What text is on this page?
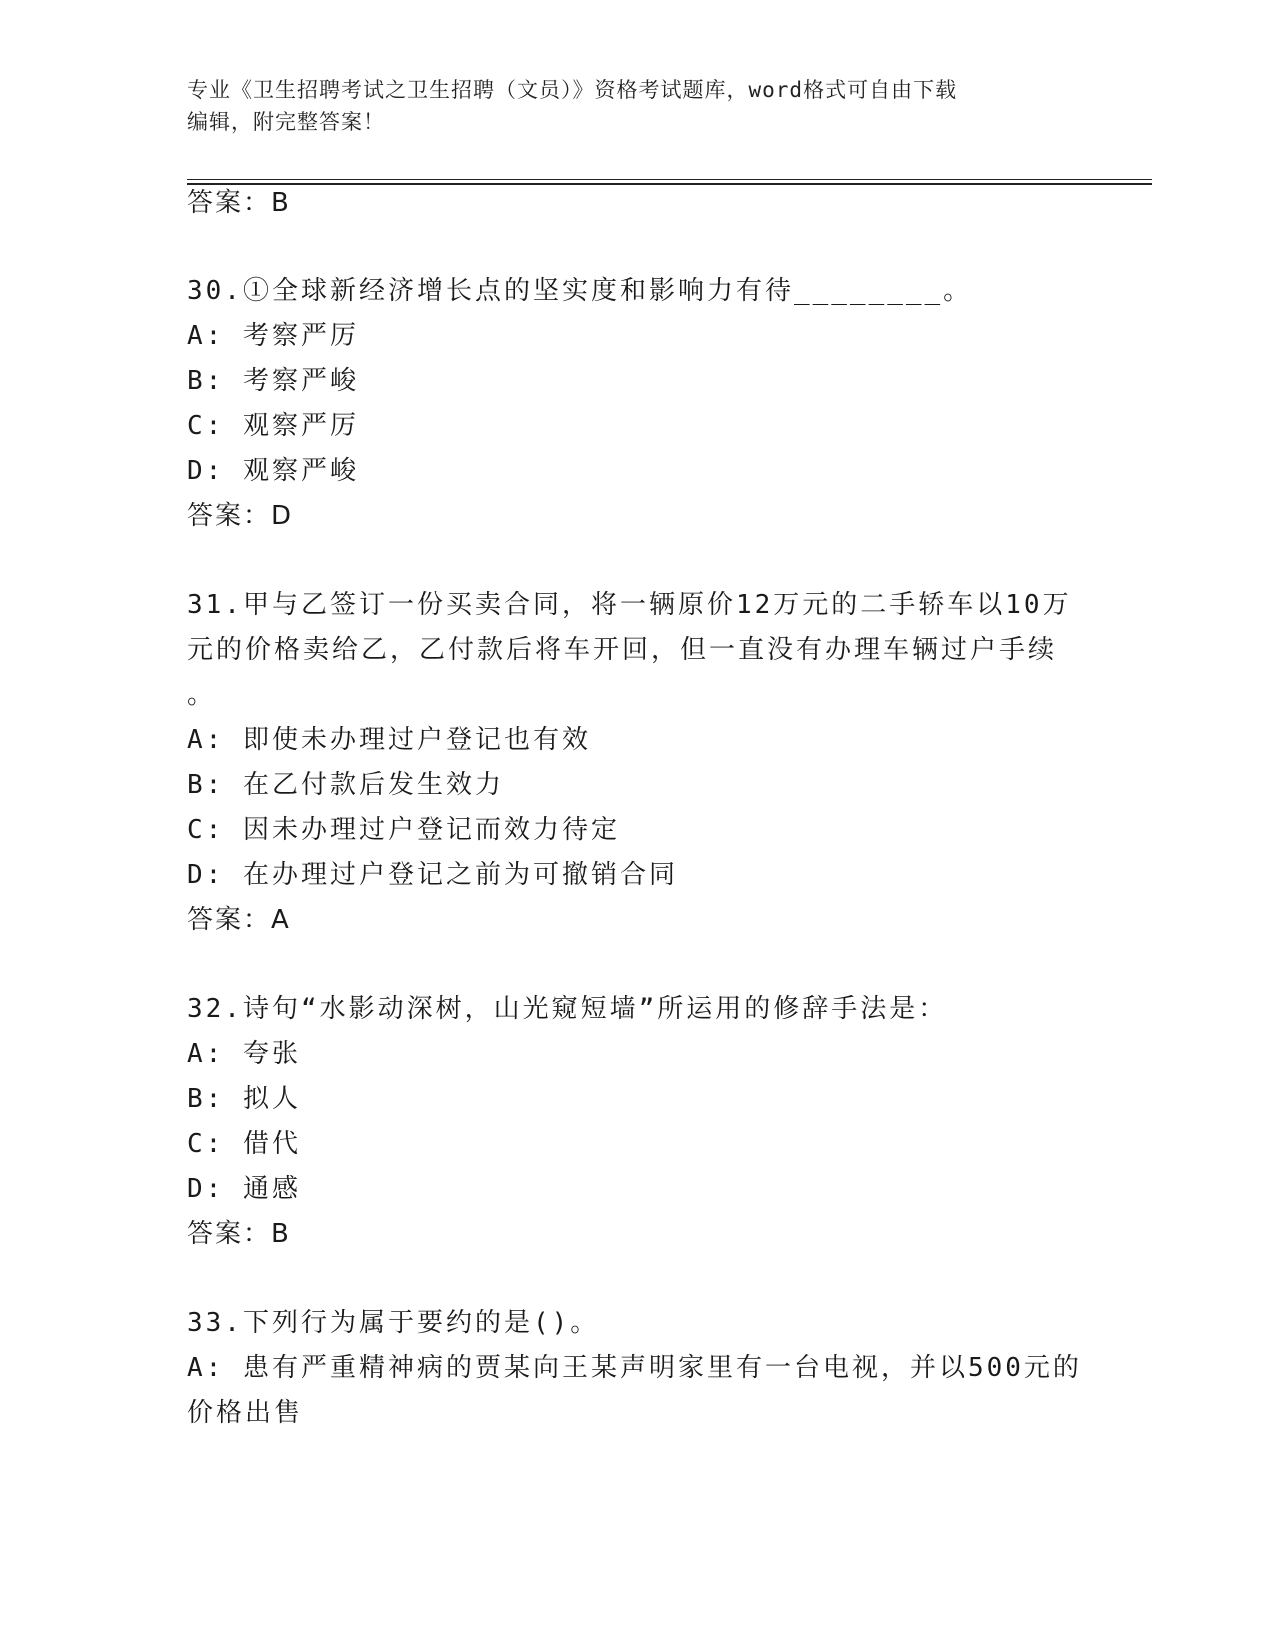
专业《卫生招聘考试之卫生招聘（文员）》资格考试题库，word格式可自由下载
编辑，附完整答案！
答案：B
30.①全球新经济增长点的坚实度和影响力有待________。
A: 考察严厉
B: 考察严峻
C: 观察严厉
D: 观察严峻
答案：D
31.甲与乙签订一份买卖合同，将一辆原价12万元的二手轿车以10万
元的价格卖给乙，乙付款后将车开回，但一直没有办理车辆过户手续
。
A: 即使未办理过户登记也有效
B: 在乙付款后发生效力
C: 因未办理过户登记而效力待定
D: 在办理过户登记之前为可撤销合同
答案：A
32.诗句“水影动深树，山光窥短墙”所运用的修辞手法是：
A: 夸张
B: 拟人
C: 借代
D: 通感
答案：B
33.下列行为属于要约的是()。
A: 患有严重精神病的贾某向王某声明家里有一台电视，并以500元的
价格出售
